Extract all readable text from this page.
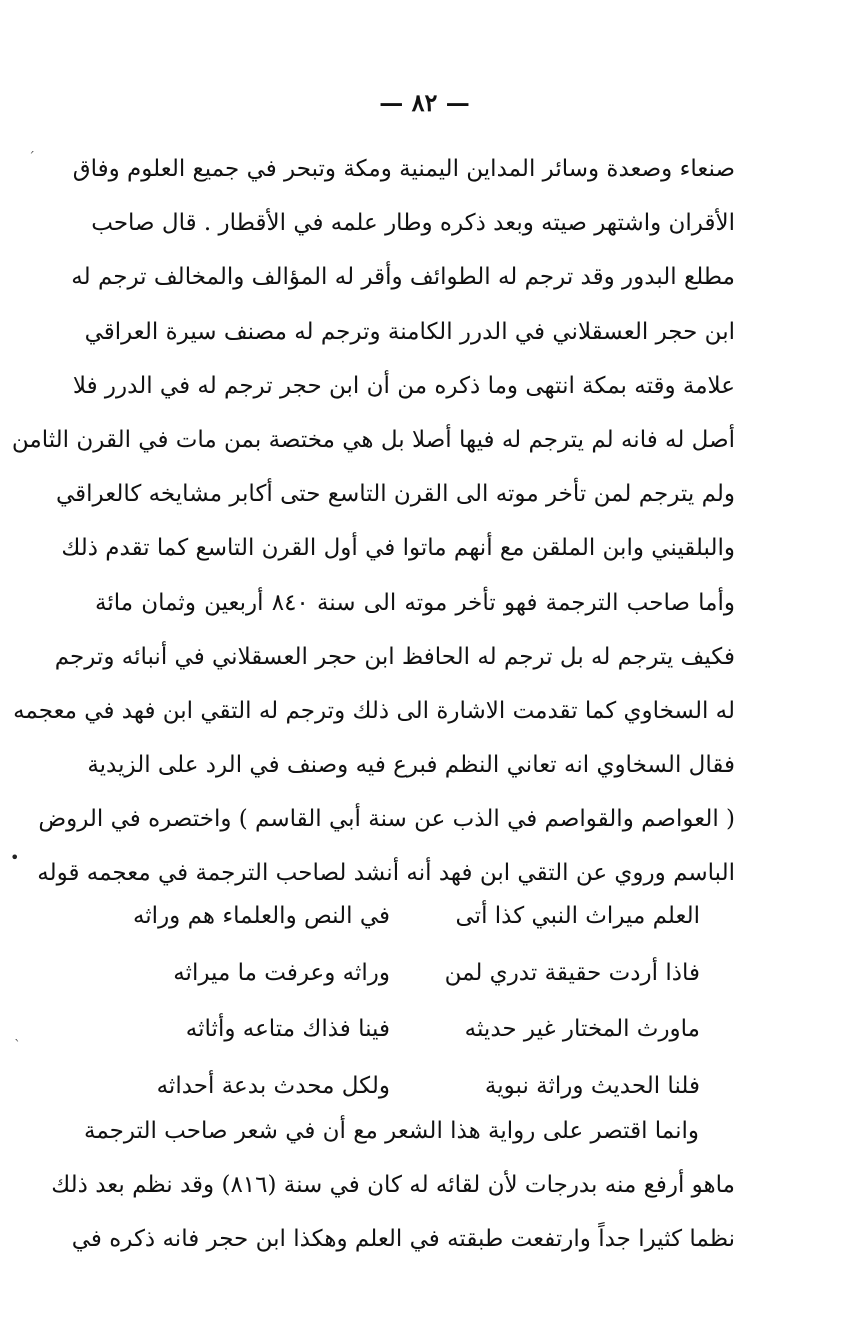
— ٨٢ —
صنعاء وصعدة وسائر المداين اليمنية ومكة وتبحر في جميع العلوم وفاق
الأقران واشتهر صيته وبعد ذكره وطار علمه في الأقطار . قال صاحب
مطلع البدور وقد ترجم له الطوائف وأقر له المؤالف والمخالف ترجم له
ابن حجر العسقلاني في الدرر الكامنة وترجم له مصنف سيرة العراقي
علامة وقته بمكة انتهى وما ذكره من أن ابن حجر ترجم له في الدرر فلا
أصل له فانه لم يترجم له فيها أصلا بل هي مختصة بمن مات في القرن الثامن
ولم يترجم لمن تأخر موته الى القرن التاسع حتى أكابر مشايخه كالعراقي
والبلقيني وابن الملقن مع أنهم ماتوا في أول القرن التاسع كما تقدم ذلك
وأما صاحب الترجمة فهو تأخر موته الى سنة ٨٤٠ أربعين وثمان مائة
فكيف يترجم له بل ترجم له الحافظ ابن حجر العسقلاني في أنبائه وترجم
له السخاوي كما تقدمت الاشارة الى ذلك وترجم له التقي ابن فهد في معجمه
فقال السخاوي انه تعاني النظم فبرع فيه وصنف في الرد على الزيدية
( العواصم والقواصم في الذب عن سنة أبي القاسم ) واختصره في الروض
الباسم وروي عن التقي ابن فهد أنه أنشد لصاحب الترجمة في معجمه قوله
العلم ميراث النبي كذا أتى
في النص والعلماء هم وراثه
فاذا أردت حقيقة تدري لمن
وراثه وعرفت ما ميراثه
ماورث المختار غير حديثه
فينا فذاك متاعه وأثاثه
فلنا الحديث وراثة نبوية
ولكل محدث بدعة أحداثه
وانما اقتصر على رواية هذا الشعر مع أن في شعر صاحب الترجمة
ماهو أرفع منه بدرجات لأن لقائه له كان في سنة (٨١٦) وقد نظم بعد ذلك
نظما كثيرا جداً وارتفعت طبقته في العلم وهكذا ابن حجر فانه ذكره في
ˊ
•
ˋ
